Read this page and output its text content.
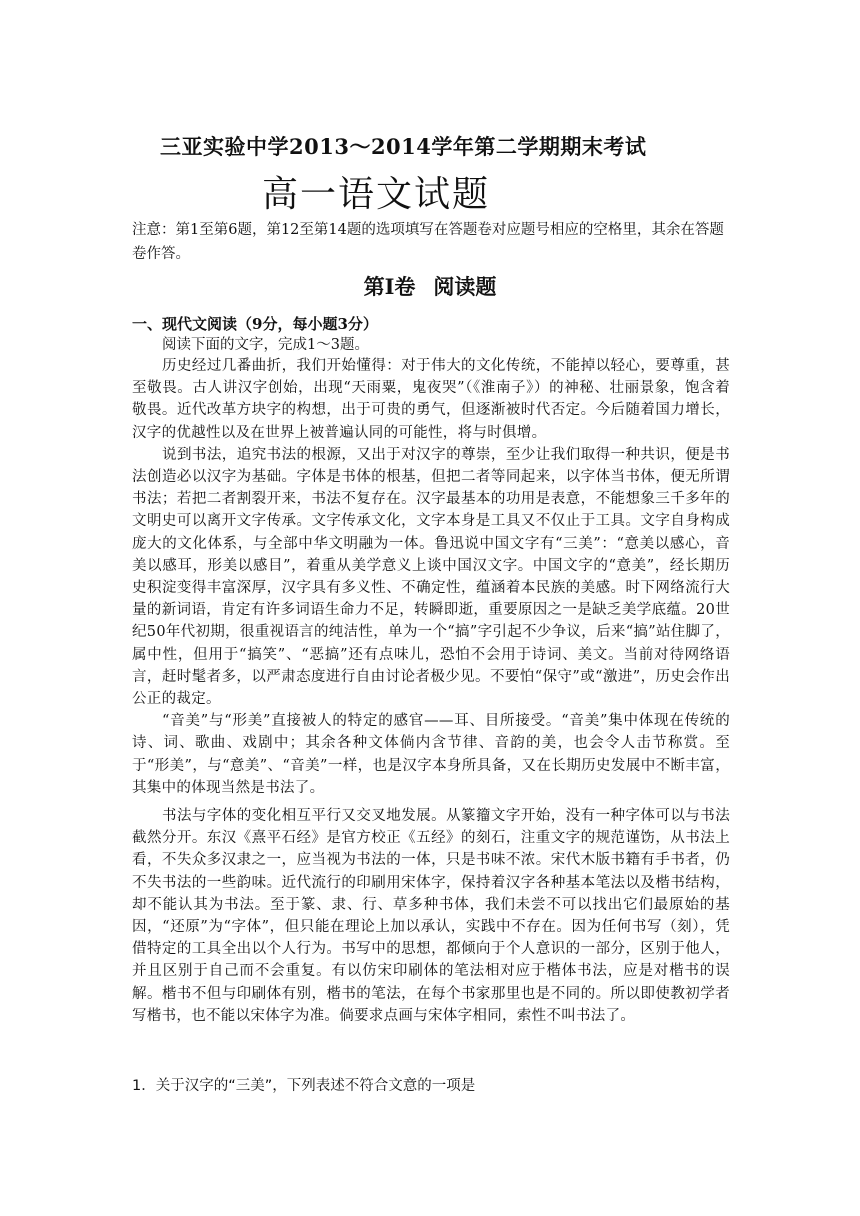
三亚实验中学2013～2014学年第二学期期末考试
高一语文试题

注意：第1至第6题，第12至第14题的选项填写在答题卷对应题号相应的空格里，其余在答题卷作答。

第Ⅰ卷 阅读题
一、现代文阅读（9分，每小题3分）
阅读下面的文字，完成1～3题。

历史经过几番曲折，我们开始懂得：对于伟大的文化传统，不能掉以轻心，要尊重，甚至敬畏。古人讲汉字创始，出现“天雨粟，鬼夜哭”（《淮南子》）的神秘、壮丽景象，饱含着敬畏。近代改革方块字的构想，出于可贵的勇气，但逐渐被时代否定。今后随着国力增长，汉字的优越性以及在世界上被普遍认同的可能性，将与时俱增。

说到书法，追究书法的根源，又出于对汉字的尊崇，至少让我们取得一种共识，便是书法创造必以汉字为基础。字体是书体的根基，但把二者等同起来，以字体当书体，便无所谓书法；若把二者割裂开来，书法不复存在。汉字最基本的功用是表意，不能想象三千多年的文明史可以离开文字传承。文字传承文化，文字本身是工具又不仅止于工具。文字自身构成庞大的文化体系，与全部中华文明融为一体。鲁迅说中国文字有“三美”：“意美以感心，音美以感耳，形美以感目”，着重从美学意义上谈中国汉文字。中国文字的“意美”，经长期历史积淀变得丰富深厚，汉字具有多义性、不确定性，蕴涵着本民族的美感。时下网络流行大量的新词语，肯定有许多词语生命力不足，转瞬即逝，重要原因之一是缺乏美学底蕴。20世纪50年代初期，很重视语言的纯洁性，单为一个“搞”字引起不少争议，后来“搞”站住脚了，属中性，但用于“搞笑”、“恶搞”还有点味儿，恐怕不会用于诗词、美文。当前对待网络语言，赶时髦者多，以严肃态度进行自由讨论者极少见。不要怕“保守”或“激进”，历史会作出公正的裁定。

“音美”与“形美”直接被人的特定的感官——耳、目所接受。“音美”集中体现在传统的诗、词、歌曲、戏剧中；其余各种文体倘内含节律、音韵的美，也会令人击节称赏。至于“形美”，与“意美”、“音美”一样，也是汉字本身所具备，又在长期历史发展中不断丰富，其集中的体现当然是书法了。

书法与字体的变化相互平行又交叉地发展。从篆籀文字开始，没有一种字体可以与书法截然分开。东汉《熹平石经》是官方校正《五经》的刻石，注重文字的规范谨饬，从书法上看，不失众多汉隶之一，应当视为书法的一体，只是书味不浓。宋代木版书籍有手书者，仍不失书法的一些韵味。近代流行的印刷用宋体字，保持着汉字各种基本笔法以及楷书结构，却不能认其为书法。至于篆、隶、行、草多种书体，我们未尝不可以找出它们最原始的基因，“还原”为“字体”，但只能在理论上加以承认，实践中不存在。因为任何书写（刻），凭借特定的工具全出以个人行为。书写中的思想，都倾向于个人意识的一部分，区别于他人，并且区别于自己而不会重复。有以仿宋印刷体的笔法相对应于楷体书法，应是对楷书的误解。楷书不但与印刷体有别，楷书的笔法，在每个书家那里也是不同的。所以即使教初学者写楷书，也不能以宋体字为准。倘要求点画与宋体字相同，索性不叫书法了。

1．关于汉字的“三美”，下列表述不符合文意的一项是
